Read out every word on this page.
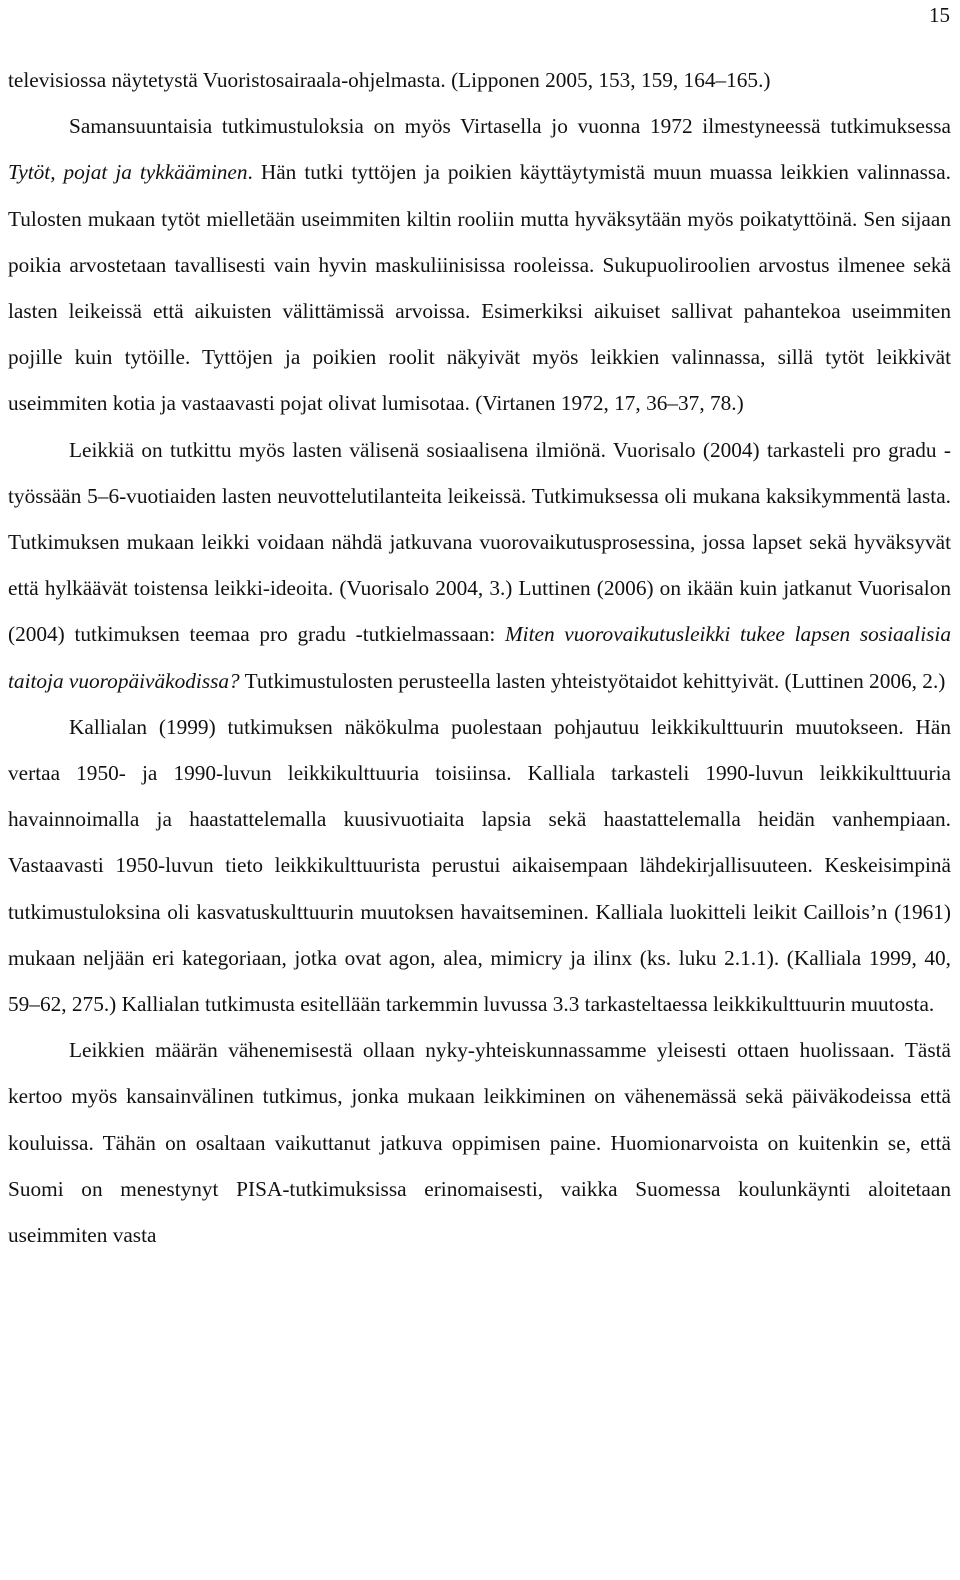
15

televisiossa näytetystä Vuoristosairaala-ohjelmasta. (Lipponen 2005, 153, 159, 164–165.)

Samansuuntaisia tutkimustuloksia on myös Virtasella jo vuonna 1972 ilmestyneessä tutkimuksessa Tytöt, pojat ja tykkääminen. Hän tutki tyttöjen ja poikien käyttäytymistä muun muassa leikkien valinnassa. Tulosten mukaan tytöt mielletään useimmiten kiltin rooliin mutta hyväksytään myös poikatyttöinä. Sen sijaan poikia arvostetaan tavallisesti vain hyvin maskuliinisissa rooleissa. Sukupuoliroolien arvostus ilmenee sekä lasten leikeissä että aikuisten välittämissä arvoissa. Esimerkiksi aikuiset sallivat pahantekoa useimmiten pojille kuin tytöille. Tyttöjen ja poikien roolit näkyivät myös leikkien valinnassa, sillä tytöt leikkivät useimmiten kotia ja vastaavasti pojat olivat lumisotaa. (Virtanen 1972, 17, 36–37, 78.)

Leikkiä on tutkittu myös lasten välisenä sosiaalisena ilmiönä. Vuorisalo (2004) tarkasteli pro gradu -työssään 5–6-vuotiaiden lasten neuvottelutilanteita leikeissä. Tutkimuksessa oli mukana kaksikymmentä lasta. Tutkimuksen mukaan leikki voidaan nähdä jatkuvana vuorovaikutusprosessina, jossa lapset sekä hyväksyvät että hylkäävät toistensa leikki-ideoita. (Vuorisalo 2004, 3.) Luttinen (2006) on ikään kuin jatkanut Vuorisalon (2004) tutkimuksen teemaa pro gradu -tutkielmassaan: Miten vuorovaikutusleikki tukee lapsen sosiaalisia taitoja vuoropäiväkodissa? Tutkimustulosten perusteella lasten yhteistyötaidot kehittyivät. (Luttinen 2006, 2.)

Kallialan (1999) tutkimuksen näkökulma puolestaan pohjautuu leikkikulttuurin muutokseen. Hän vertaa 1950- ja 1990-luvun leikkikulttuuria toisiinsa. Kalliala tarkasteli 1990-luvun leikkikulttuuria havainnoimalla ja haastattelemalla kuusivuotiaita lapsia sekä haastattelemalla heidän vanhempiaan. Vastaavasti 1950-luvun tieto leikkikulttuurista perustui aikaisempaan lähdekirjallisuuteen. Keskeisimpinä tutkimustuloksina oli kasvatuskulttuurin muutoksen havaitseminen. Kalliala luokitteli leikit Caillois’n (1961) mukaan neljään eri kategoriaan, jotka ovat agon, alea, mimicry ja ilinx (ks. luku 2.1.1). (Kalliala 1999, 40, 59–62, 275.) Kallialan tutkimusta esitellään tarkemmin luvussa 3.3 tarkasteltaessa leikkikulttuurin muutosta.

Leikkien määrän vähenemisestä ollaan nyky-yhteiskunnassamme yleisesti ottaen huolissaan. Tästä kertoo myös kansainvälinen tutkimus, jonka mukaan leikkiminen on vähenemässä sekä päiväkodeissa että kouluissa. Tähän on osaltaan vaikuttanut jatkuva oppimisen paine. Huomionarvoista on kuitenkin se, että Suomi on menestynyt PISA-tutkimuksissa erinomaisesti, vaikka Suomessa koulunkäynti aloitetaan useimmiten vasta
